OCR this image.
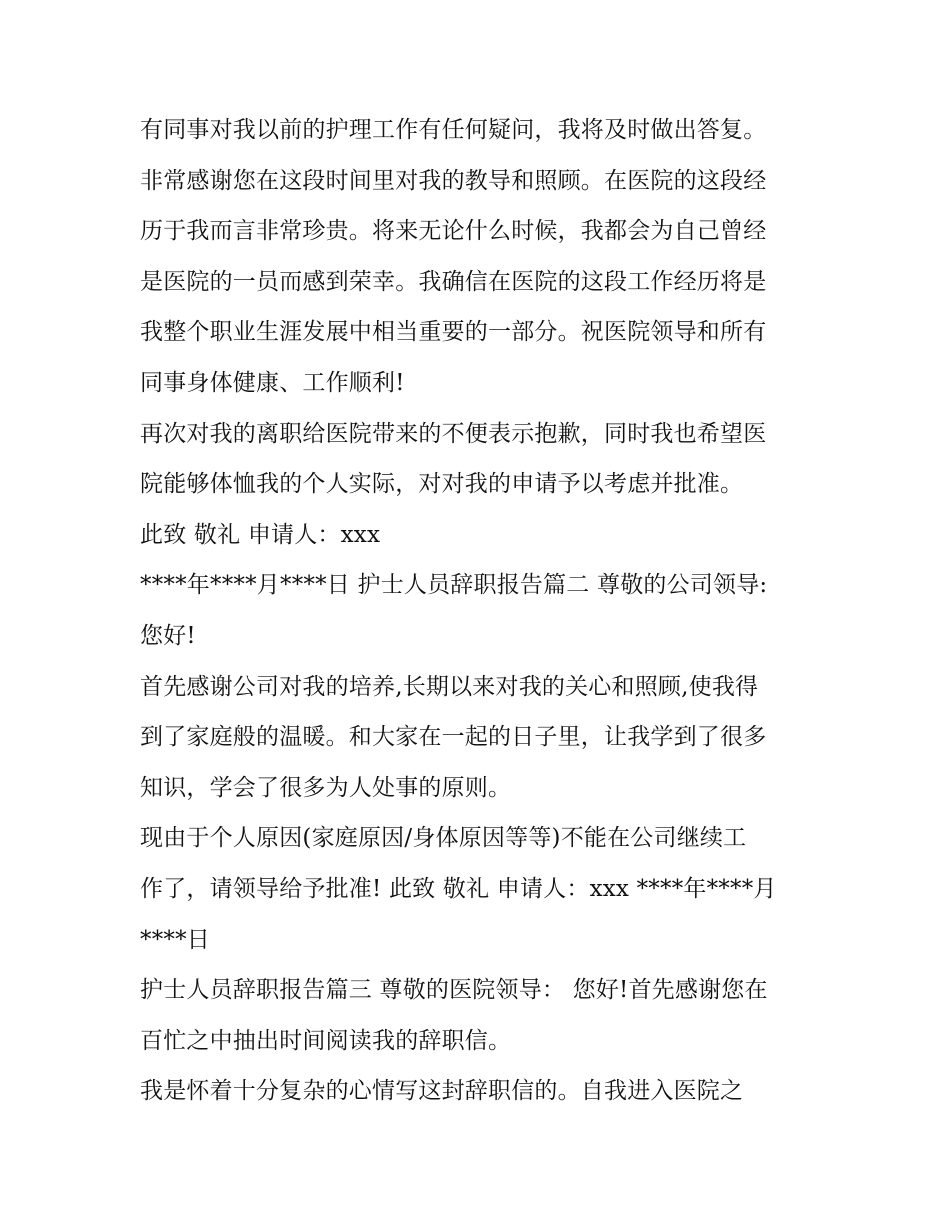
有同事对我以前的护理工作有任何疑问，我将及时做出答复。
非常感谢您在这段时间里对我的教导和照顾。在医院的这段经
历于我而言非常珍贵。将来无论什么时候，我都会为自己曾经
是医院的一员而感到荣幸。我确信在医院的这段工作经历将是
我整个职业生涯发展中相当重要的一部分。祝医院领导和所有
同事身体健康、工作顺利!
再次对我的离职给医院带来的不便表示抱歉，同时我也希望医
院能够体恤我的个人实际，对对我的申请予以考虑并批准。
此致 敬礼 申请人：xxx
****年****月****日 护士人员辞职报告篇二 尊敬的公司领导:
您好!
首先感谢公司对我的培养,长期以来对我的关心和照顾,使我得
到了家庭般的温暖。和大家在一起的日子里，让我学到了很多
知识，学会了很多为人处事的原则。
现由于个人原因(家庭原因/身体原因等等)不能在公司继续工
作了，请领导给予批准! 此致 敬礼 申请人：xxx ****年****月
****日
护士人员辞职报告篇三 尊敬的医院领导： 您好!首先感谢您在
百忙之中抽出时间阅读我的辞职信。
我是怀着十分复杂的心情写这封辞职信的。自我进入医院之
